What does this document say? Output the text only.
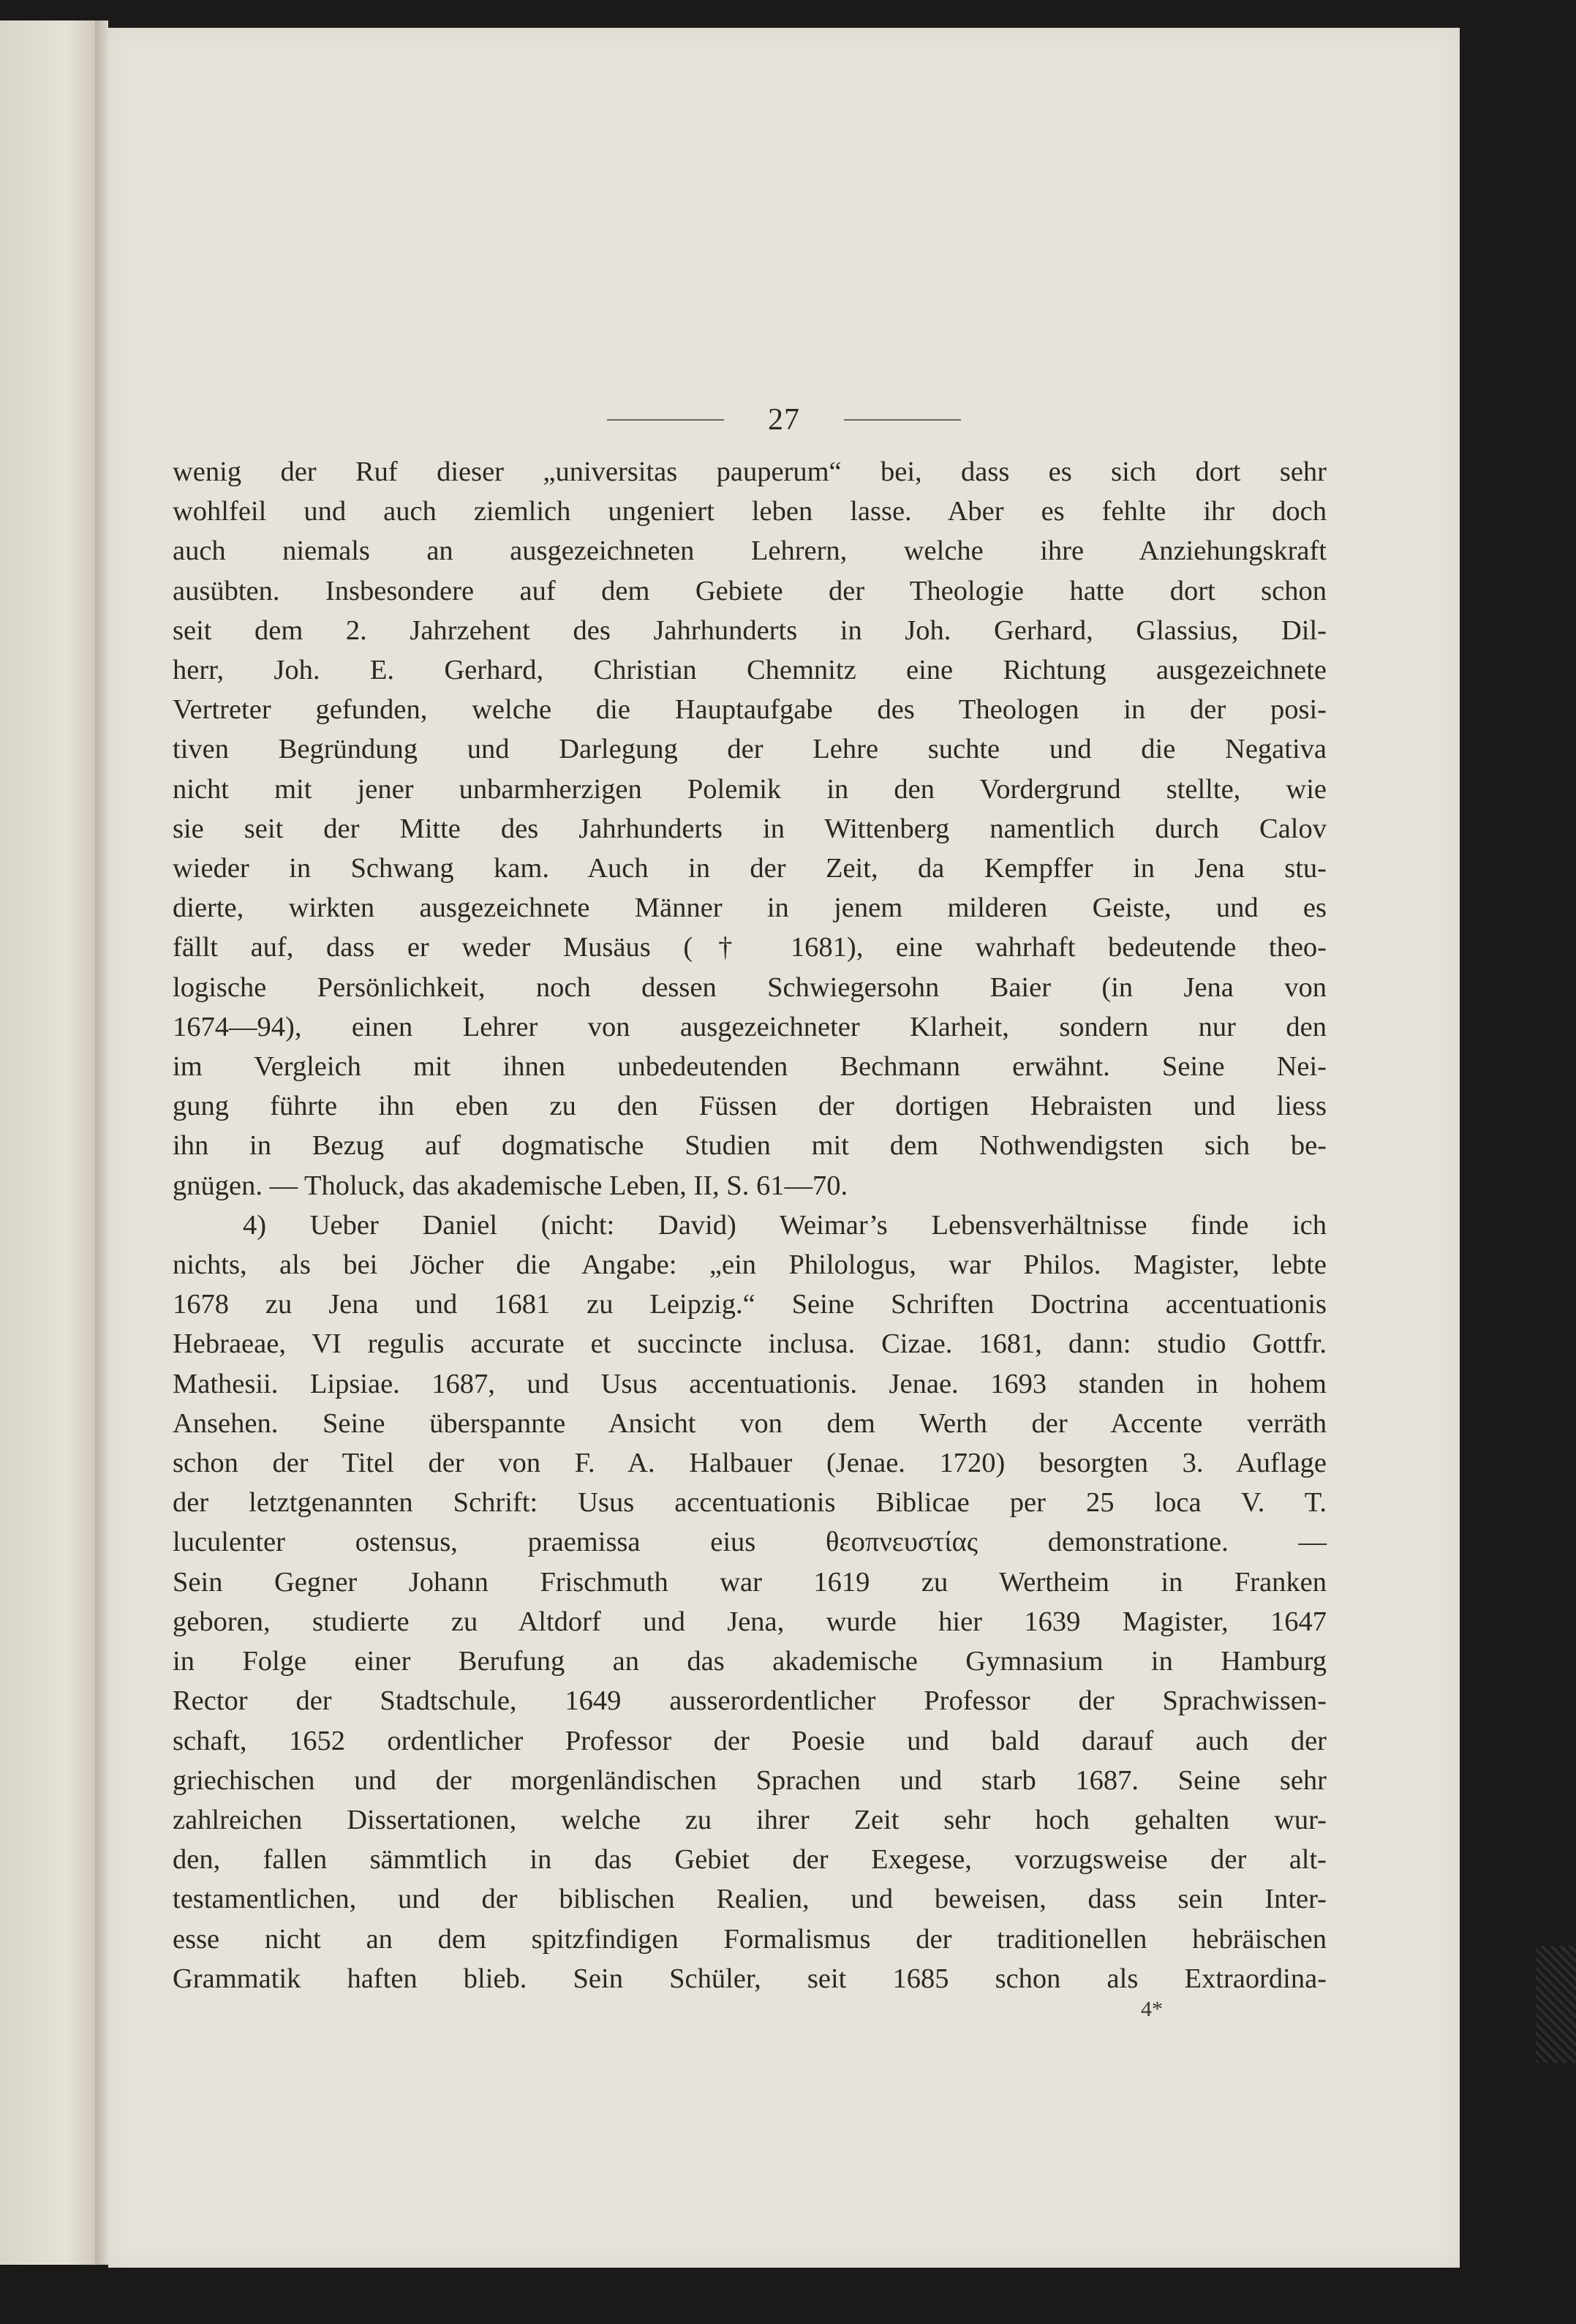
27
wenig der Ruf dieser „universitas pauperum“ bei, dass es sich dort sehr
wohlfeil und auch ziemlich ungeniert leben lasse. Aber es fehlte ihr doch
auch niemals an ausgezeichneten Lehrern, welche ihre Anziehungskraft
ausübten. Insbesondere auf dem Gebiete der Theologie hatte dort schon
seit dem 2. Jahrzehent des Jahrhunderts in Joh. Gerhard, Glassius, Dil-
herr, Joh. E. Gerhard, Christian Chemnitz eine Richtung ausgezeichnete
Vertreter gefunden, welche die Hauptaufgabe des Theologen in der posi-
tiven Begründung und Darlegung der Lehre suchte und die Negativa
nicht mit jener unbarmherzigen Polemik in den Vordergrund stellte, wie
sie seit der Mitte des Jahrhunderts in Wittenberg namentlich durch Calov
wieder in Schwang kam. Auch in der Zeit, da Kempffer in Jena stu-
dierte, wirkten ausgezeichnete Männer in jenem milderen Geiste, und es
fällt auf, dass er weder Musäus († 1681), eine wahrhaft bedeutende theo-
logische Persönlichkeit, noch dessen Schwiegersohn Baier (in Jena von
1674—94), einen Lehrer von ausgezeichneter Klarheit, sondern nur den
im Vergleich mit ihnen unbedeutenden Bechmann erwähnt. Seine Nei-
gung führte ihn eben zu den Füssen der dortigen Hebraisten und liess
ihn in Bezug auf dogmatische Studien mit dem Nothwendigsten sich be-
gnügen. — Tholuck, das akademische Leben, II, S. 61—70.
4) Ueber Daniel (nicht: David) Weimar’s Lebensverhältnisse finde ich
nichts, als bei Jöcher die Angabe: „ein Philologus, war Philos. Magister, lebte
1678 zu Jena und 1681 zu Leipzig.“ Seine Schriften Doctrina accentuationis
Hebraeae, VI regulis accurate et succincte inclusa. Cizae. 1681, dann: studio Gottfr.
Mathesii. Lipsiae. 1687, und Usus accentuationis. Jenae. 1693 standen in hohem
Ansehen. Seine überspannte Ansicht von dem Werth der Accente verräth
schon der Titel der von F. A. Halbauer (Jenae. 1720) besorgten 3. Auflage
der letztgenannten Schrift: Usus accentuationis Biblicae per 25 loca V. T.
luculenter ostensus, praemissa eius θεοπνευστίας demonstratione. —
Sein Gegner Johann Frischmuth war 1619 zu Wertheim in Franken
geboren, studierte zu Altdorf und Jena, wurde hier 1639 Magister, 1647
in Folge einer Berufung an das akademische Gymnasium in Hamburg
Rector der Stadtschule, 1649 ausserordentlicher Professor der Sprachwissen-
schaft, 1652 ordentlicher Professor der Poesie und bald darauf auch der
griechischen und der morgenländischen Sprachen und starb 1687. Seine sehr
zahlreichen Dissertationen, welche zu ihrer Zeit sehr hoch gehalten wur-
den, fallen sämmtlich in das Gebiet der Exegese, vorzugsweise der alt-
testamentlichen, und der biblischen Realien, und beweisen, dass sein Inter-
esse nicht an dem spitzfindigen Formalismus der traditionellen hebräischen
Grammatik haften blieb. Sein Schüler, seit 1685 schon als Extraordina-
4*
